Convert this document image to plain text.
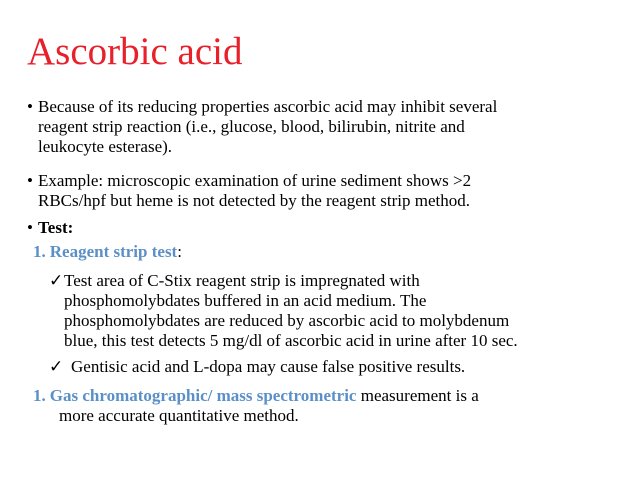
Ascorbic acid
• Because of its reducing properties ascorbic acid may inhibit several
reagent strip reaction (i.e., glucose, blood, bilirubin, nitrite and
leukocyte esterase).
• Example: microscopic examination of urine sediment shows >2
RBCs/hpf but heme is not detected by the reagent strip method.
• Test:
1. Reagent strip test:
✓ Test area of C-Stix reagent strip is impregnated with
phosphomolybdates buffered in an acid medium. The
phosphomolybdates are reduced by ascorbic acid to molybdenum
blue, this test detects 5 mg/dl of ascorbic acid in urine after 10 sec.
✓ Gentisic acid and L-dopa may cause false positive results.
1. Gas chromatographic/ mass spectrometric measurement is a
more accurate quantitative method.
